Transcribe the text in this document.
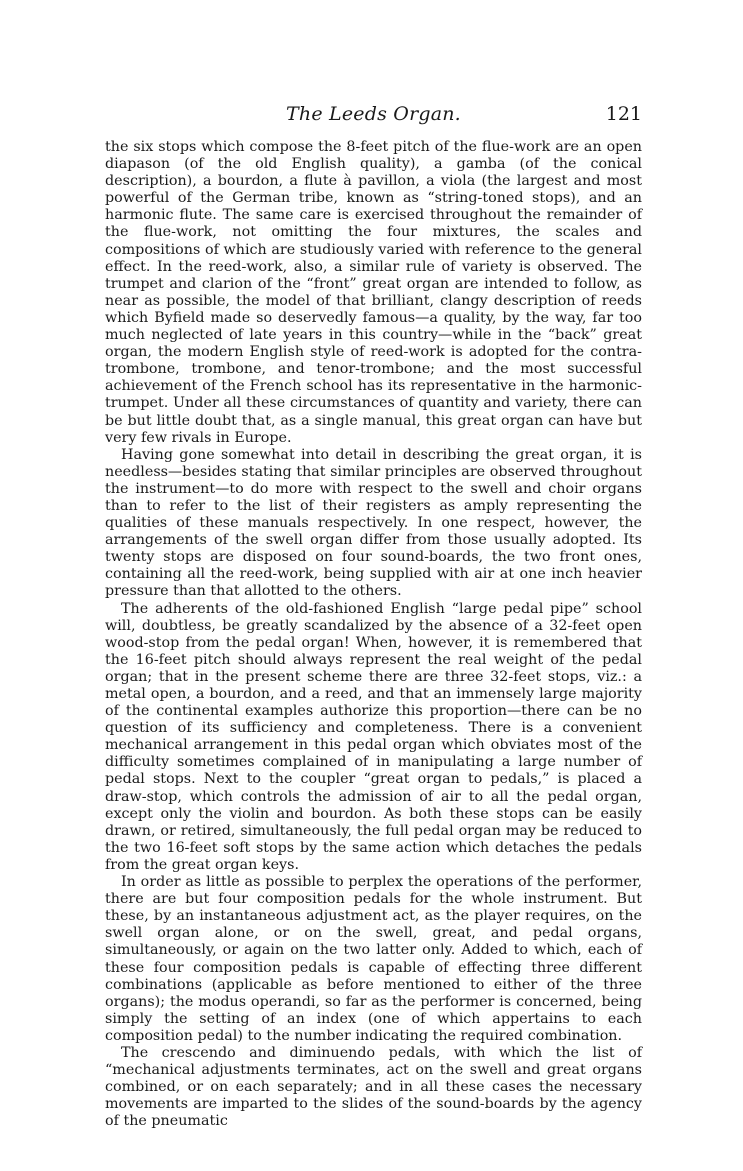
The Leeds Organ.	121

the six stops which compose the 8-feet pitch of the flue-work are an open diapason (of the old English quality), a gamba (of the conical description), a bourdon, a flute à pavillon, a viola (the largest and most powerful of the German tribe, known as “string-toned stops), and an harmonic flute. The same care is exercised throughout the remainder of the flue-work, not omitting the four mixtures, the scales and compositions of which are studiously varied with reference to the general effect. In the reed-work, also, a similar rule of variety is observed. The trumpet and clarion of the “front” great organ are intended to follow, as near as possible, the model of that brilliant, clangy description of reeds which Byfield made so deservedly famous—a quality, by the way, far too much neglected of late years in this country—while in the “back” great organ, the modern English style of reed-work is adopted for the contra-trombone, trombone, and tenor-trombone; and the most successful achievement of the French school has its representative in the harmonic-trumpet. Under all these circumstances of quantity and variety, there can be but little doubt that, as a single manual, this great organ can have but very few rivals in Europe.

Having gone somewhat into detail in describing the great organ, it is needless—besides stating that similar principles are observed throughout the instrument—to do more with respect to the swell and choir organs than to refer to the list of their registers as amply representing the qualities of these manuals respectively. In one respect, however, the arrangements of the swell organ differ from those usually adopted. Its twenty stops are disposed on four sound-boards, the two front ones, containing all the reed-work, being supplied with air at one inch heavier pressure than that allotted to the others.

The adherents of the old-fashioned English “large pedal pipe” school will, doubtless, be greatly scandalized by the absence of a 32-feet open wood-stop from the pedal organ! When, however, it is remembered that the 16-feet pitch should always represent the real weight of the pedal organ; that in the present scheme there are three 32-feet stops, viz.: a metal open, a bourdon, and a reed, and that an immensely large majority of the continental examples authorize this proportion—there can be no question of its sufficiency and completeness. There is a convenient mechanical arrangement in this pedal organ which obviates most of the difficulty sometimes complained of in manipulating a large number of pedal stops. Next to the coupler “great organ to pedals,” is placed a draw-stop, which controls the admission of air to all the pedal organ, except only the violin and bourdon. As both these stops can be easily drawn, or retired, simultaneously, the full pedal organ may be reduced to the two 16-feet soft stops by the same action which detaches the pedals from the great organ keys.

In order as little as possible to perplex the operations of the performer, there are but four composition pedals for the whole instrument. But these, by an instantaneous adjustment act, as the player requires, on the swell organ alone, or on the swell, great, and pedal organs, simultaneously, or again on the two latter only. Added to which, each of these four composition pedals is capable of effecting three different combinations (applicable as before mentioned to either of the three organs); the modus operandi, so far as the performer is concerned, being simply the setting of an index (one of which appertains to each composition pedal) to the number indicating the required combination.

The crescendo and diminuendo pedals, with which the list of “mechanical adjustments terminates, act on the swell and great organs combined, or on each separately; and in all these cases the necessary movements are imparted to the slides of the sound-boards by the agency of the pneumatic
